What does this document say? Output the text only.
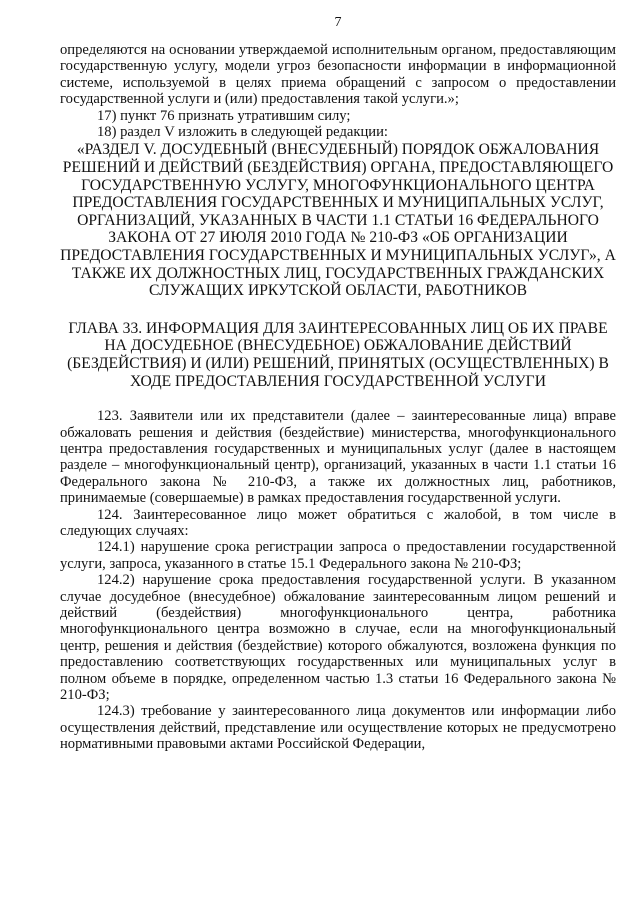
7

определяются на основании утверждаемой исполнительным органом, предоставляющим государственную услугу, модели угроз безопасности информации в информационной системе, используемой в целях приема обращений с запросом о предоставлении государственной услуги и (или) предоставления такой услуги.»;

17) пункт 76 признать утратившим силу;

18) раздел V изложить в следующей редакции:

«РАЗДЕЛ V. ДОСУДЕБНЫЙ (ВНЕСУДЕБНЫЙ) ПОРЯДОК ОБЖАЛОВАНИЯ РЕШЕНИЙ И ДЕЙСТВИЙ (БЕЗДЕЙСТВИЯ) ОРГАНА, ПРЕДОСТАВЛЯЮЩЕГО ГОСУДАРСТВЕННУЮ УСЛУГУ, МНОГОФУНКЦИОНАЛЬНОГО ЦЕНТРА ПРЕДОСТАВЛЕНИЯ ГОСУДАРСТВЕННЫХ И МУНИЦИПАЛЬНЫХ УСЛУГ, ОРГАНИЗАЦИЙ, УКАЗАННЫХ В ЧАСТИ 1.1 СТАТЬИ 16 ФЕДЕРАЛЬНОГО ЗАКОНА ОТ 27 ИЮЛЯ 2010 ГОДА № 210-ФЗ «ОБ ОРГАНИЗАЦИИ ПРЕДОСТАВЛЕНИЯ ГОСУДАРСТВЕННЫХ И МУНИЦИПАЛЬНЫХ УСЛУГ», А ТАКЖЕ ИХ ДОЛЖНОСТНЫХ ЛИЦ, ГОСУДАРСТВЕННЫХ ГРАЖДАНСКИХ СЛУЖАЩИХ ИРКУТСКОЙ ОБЛАСТИ, РАБОТНИКОВ

ГЛАВА 33. ИНФОРМАЦИЯ ДЛЯ ЗАИНТЕРЕСОВАННЫХ ЛИЦ ОБ ИХ ПРАВЕ НА ДОСУДЕБНОЕ (ВНЕСУДЕБНОЕ) ОБЖАЛОВАНИЕ ДЕЙСТВИЙ (БЕЗДЕЙСТВИЯ) И (ИЛИ) РЕШЕНИЙ, ПРИНЯТЫХ (ОСУЩЕСТВЛЕННЫХ) В ХОДЕ ПРЕДОСТАВЛЕНИЯ ГОСУДАРСТВЕННОЙ УСЛУГИ

123. Заявители или их представители (далее – заинтересованные лица) вправе обжаловать решения и действия (бездействие) министерства, многофункционального центра предоставления государственных и муниципальных услуг (далее в настоящем разделе – многофункциональный центр), организаций, указанных в части 1.1 статьи 16 Федерального закона № 210-ФЗ, а также их должностных лиц, работников, принимаемые (совершаемые) в рамках предоставления государственной услуги.

124. Заинтересованное лицо может обратиться с жалобой, в том числе в следующих случаях:

124.1) нарушение срока регистрации запроса о предоставлении государственной услуги, запроса, указанного в статье 15.1 Федерального закона № 210-ФЗ;

124.2) нарушение срока предоставления государственной услуги. В указанном случае досудебное (внесудебное) обжалование заинтересованным лицом решений и действий (бездействия) многофункционального центра, работника многофункционального центра возможно в случае, если на многофункциональный центр, решения и действия (бездействие) которого обжалуются, возложена функция по предоставлению соответствующих государственных или муниципальных услуг в полном объеме в порядке, определенном частью 1.3 статьи 16 Федерального закона № 210-ФЗ;

124.3) требование у заинтересованного лица документов или информации либо осуществления действий, представление или осуществление которых не предусмотрено нормативными правовыми актами Российской Федерации,
